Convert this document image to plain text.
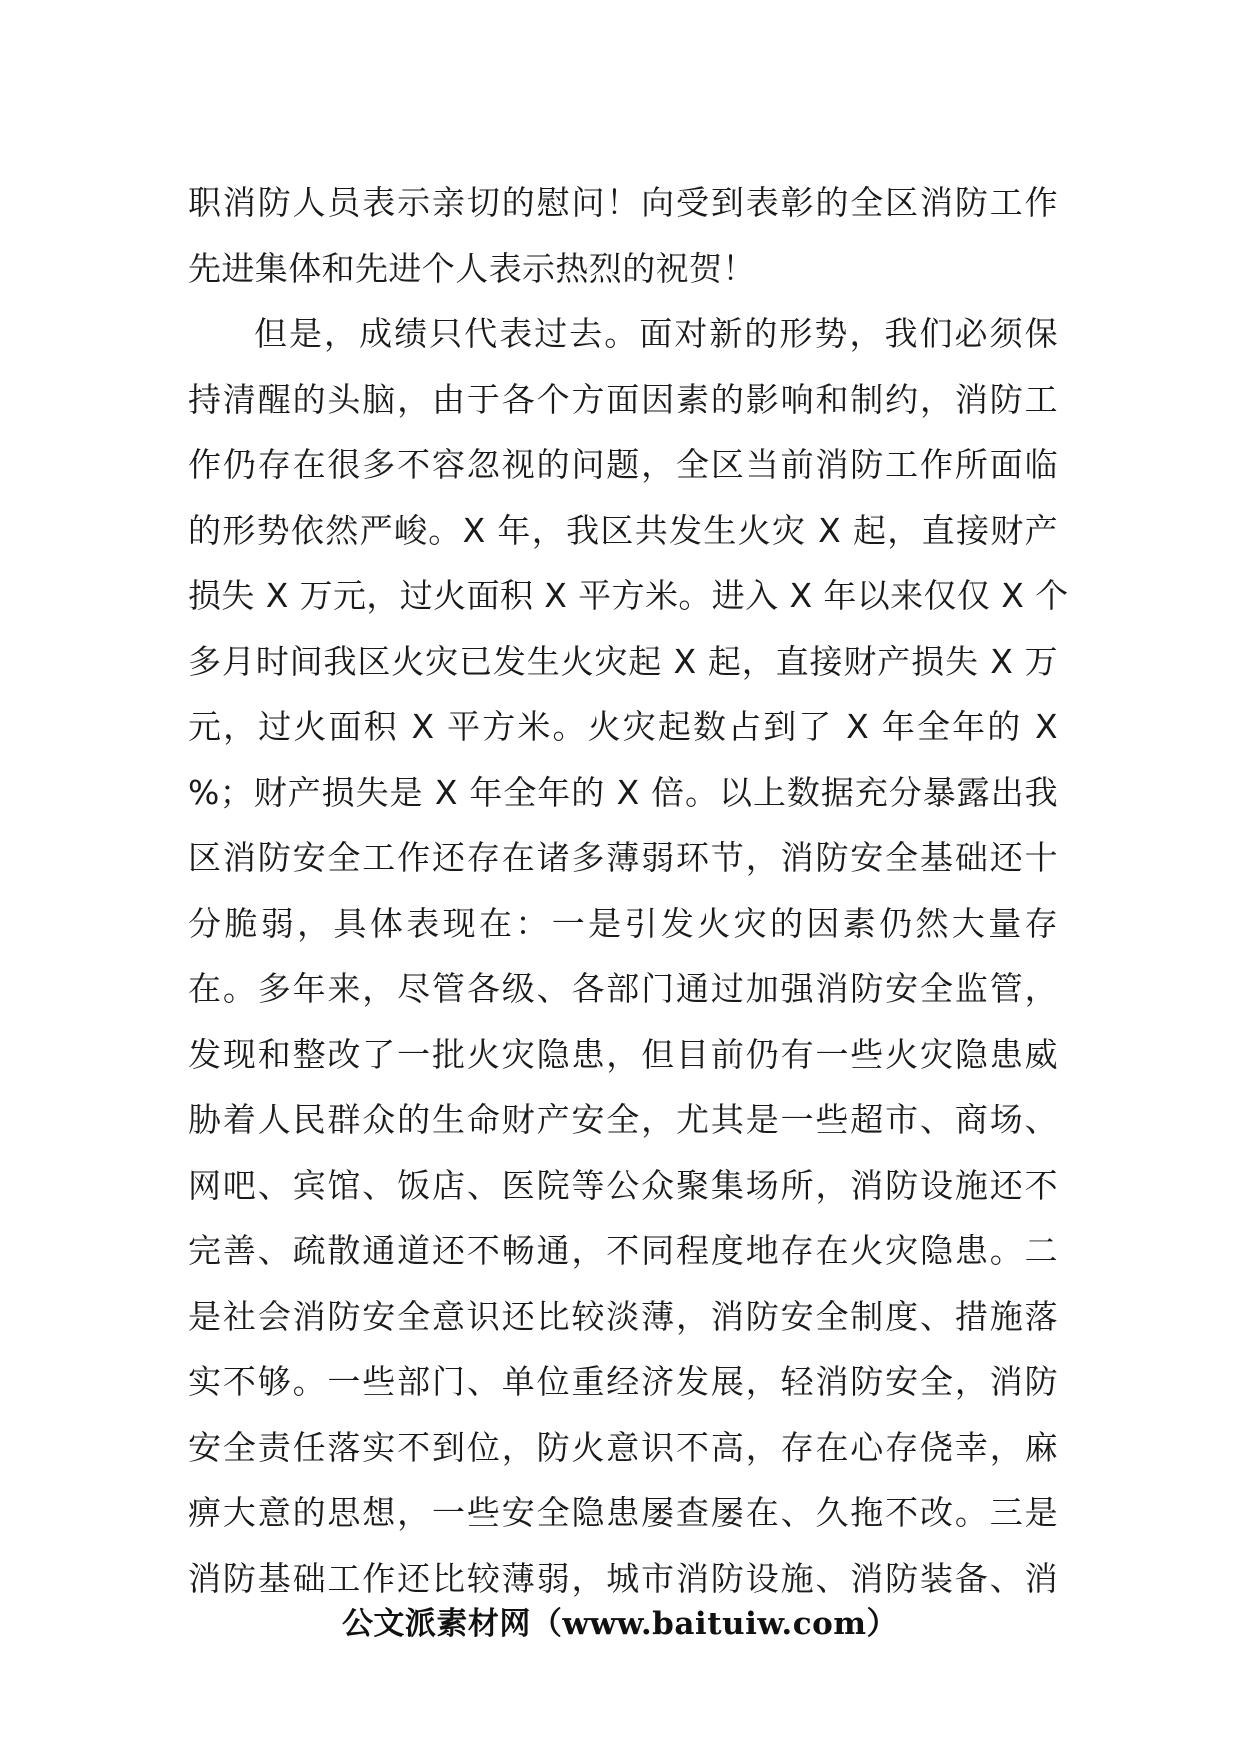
职消防人员表示亲切的慰问！向受到表彰的全区消防工作
先进集体和先进个人表示热烈的祝贺！
但是，成绩只代表过去。面对新的形势，我们必须保
持清醒的头脑，由于各个方面因素的影响和制约，消防工
作仍存在很多不容忽视的问题，全区当前消防工作所面临
的形势依然严峻。X 年，我区共发生火灾 X 起，直接财产
损失 X 万元，过火面积 X 平方米。进入 X 年以来仅仅 X 个
多月时间我区火灾已发生火灾起 X 起，直接财产损失 X 万
元，过火面积 X 平方米。火灾起数占到了 X 年全年的 X
%；财产损失是 X 年全年的 X 倍。以上数据充分暴露出我
区消防安全工作还存在诸多薄弱环节，消防安全基础还十
分脆弱，具体表现在：一是引发火灾的因素仍然大量存
在。多年来，尽管各级、各部门通过加强消防安全监管，
发现和整改了一批火灾隐患，但目前仍有一些火灾隐患威
胁着人民群众的生命财产安全，尤其是一些超市、商场、
网吧、宾馆、饭店、医院等公众聚集场所，消防设施还不
完善、疏散通道还不畅通，不同程度地存在火灾隐患。二
是社会消防安全意识还比较淡薄，消防安全制度、措施落
实不够。一些部门、单位重经济发展，轻消防安全，消防
安全责任落实不到位，防火意识不高，存在心存侥幸，麻
痹大意的思想，一些安全隐患屡查屡在、久拖不改。三是
消防基础工作还比较薄弱，城市消防设施、消防装备、消
公文派素材网（www.baituiw.com）
